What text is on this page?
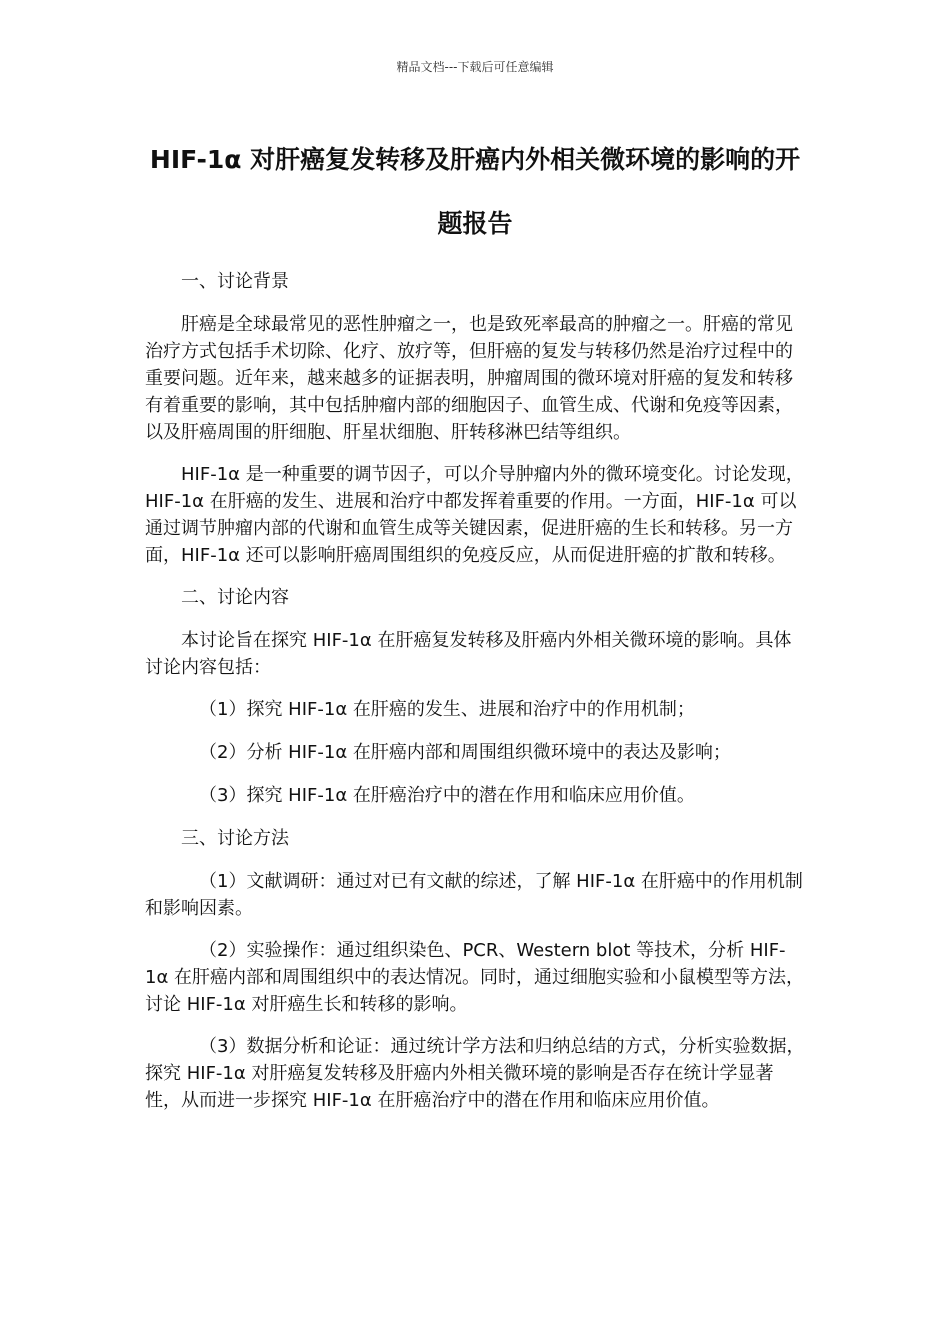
精品文档---下载后可任意编辑
HIF-1α 对肝癌复发转移及肝癌内外相关微环境的影响的开题报告

一、讨论背景

肝癌是全球最常见的恶性肿瘤之一，也是致死率最高的肿瘤之一。肝癌的常见治疗方式包括手术切除、化疗、放疗等，但肝癌的复发与转移仍然是治疗过程中的重要问题。近年来，越来越多的证据表明，肿瘤周围的微环境对肝癌的复发和转移有着重要的影响，其中包括肿瘤内部的细胞因子、血管生成、代谢和免疫等因素，以及肝癌周围的肝细胞、肝星状细胞、肝转移淋巴结等组织。

HIF-1α 是一种重要的调节因子，可以介导肿瘤内外的微环境变化。讨论发现，HIF-1α 在肝癌的发生、进展和治疗中都发挥着重要的作用。一方面，HIF-1α 可以通过调节肿瘤内部的代谢和血管生成等关键因素，促进肝癌的生长和转移。另一方面，HIF-1α 还可以影响肝癌周围组织的免疫反应，从而促进肝癌的扩散和转移。

二、讨论内容

本讨论旨在探究 HIF-1α 在肝癌复发转移及肝癌内外相关微环境的影响。具体讨论内容包括：

（1）探究 HIF-1α 在肝癌的发生、进展和治疗中的作用机制；

（2）分析 HIF-1α 在肝癌内部和周围组织微环境中的表达及影响；

（3）探究 HIF-1α 在肝癌治疗中的潜在作用和临床应用价值。

三、讨论方法

（1）文献调研：通过对已有文献的综述，了解 HIF-1α 在肝癌中的作用机制和影响因素。

（2）实验操作：通过组织染色、PCR、Western blot 等技术，分析 HIF-1α 在肝癌内部和周围组织中的表达情况。同时，通过细胞实验和小鼠模型等方法，讨论 HIF-1α 对肝癌生长和转移的影响。

（3）数据分析和论证：通过统计学方法和归纳总结的方式，分析实验数据，探究 HIF-1α 对肝癌复发转移及肝癌内外相关微环境的影响是否存在统计学显著性，从而进一步探究 HIF-1α 在肝癌治疗中的潜在作用和临床应用价值。
